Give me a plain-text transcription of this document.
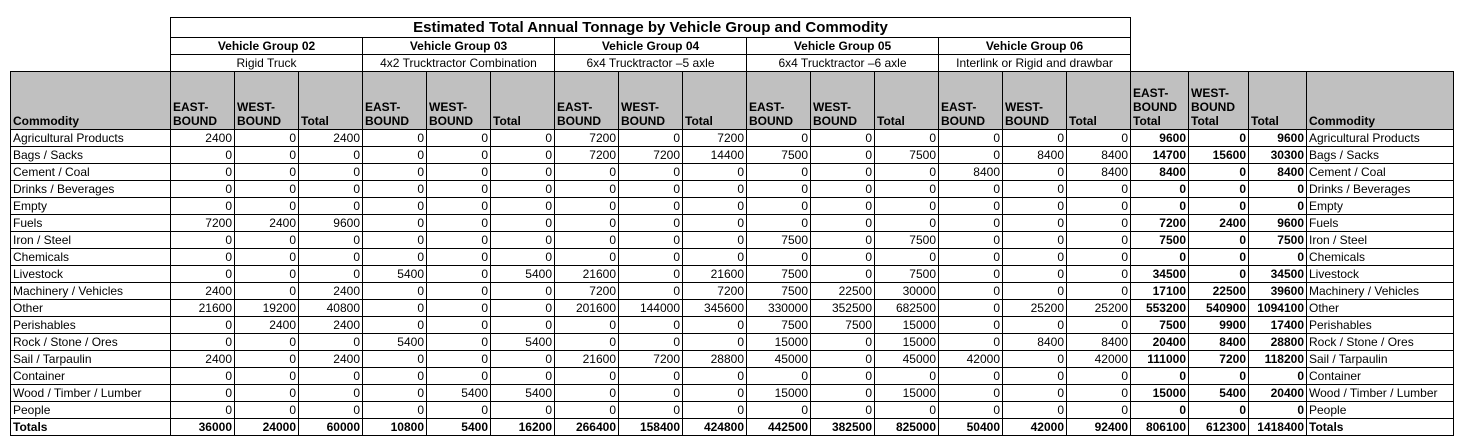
	Estimated Total Annual Tonnage by Vehicle Group and Commodity																		
	Vehicle Group 02			Vehicle Group 03			Vehicle Group 04			Vehicle Group 05			Vehicle Group 06						
	Rigid Truck			4x2 Trucktractor Combination			6x4 Trucktractor –5 axle			6x4 Trucktractor –6 axle			Interlink or Rigid and drawbar						
Commodity	EAST-BOUND	WEST-BOUND	Total	EAST-BOUND	WEST-BOUND	Total	EAST-BOUND	WEST-BOUND	Total	EAST-BOUND	WEST-BOUND	Total	EAST-BOUND	WEST-BOUND	Total	EAST-BOUND Total	WEST-BOUND Total	Total	Commodity
Agricultural Products	2400	0	2400	0	0	0	7200	0	7200	0	0	0	0	0	0	9600	0	9600	Agricultural Products
Bags / Sacks	0	0	0	0	0	0	7200	7200	14400	7500	0	7500	0	8400	8400	14700	15600	30300	Bags / Sacks
Cement / Coal	0	0	0	0	0	0	0	0	0	0	0	0	8400	0	8400	8400	0	8400	Cement / Coal
Drinks / Beverages	0	0	0	0	0	0	0	0	0	0	0	0	0	0	0	0	0	0	Drinks / Beverages
Empty	0	0	0	0	0	0	0	0	0	0	0	0	0	0	0	0	0	0	Empty
Fuels	7200	2400	9600	0	0	0	0	0	0	0	0	0	0	0	0	7200	2400	9600	Fuels
Iron / Steel	0	0	0	0	0	0	0	0	0	7500	0	7500	0	0	0	7500	0	7500	Iron / Steel
Chemicals	0	0	0	0	0	0	0	0	0	0	0	0	0	0	0	0	0	0	Chemicals
Livestock	0	0	0	5400	0	5400	21600	0	21600	7500	0	7500	0	0	0	34500	0	34500	Livestock
Machinery / Vehicles	2400	0	2400	0	0	0	7200	0	7200	7500	22500	30000	0	0	0	17100	22500	39600	Machinery / Vehicles
Other	21600	19200	40800	0	0	0	201600	144000	345600	330000	352500	682500	0	25200	25200	553200	540900	1094100	Other
Perishables	0	2400	2400	0	0	0	0	0	0	7500	7500	15000	0	0	0	7500	9900	17400	Perishables
Rock / Stone / Ores	0	0	0	5400	0	5400	0	0	0	15000	0	15000	0	8400	8400	20400	8400	28800	Rock / Stone / Ores
Sail / Tarpaulin	2400	0	2400	0	0	0	21600	7200	28800	45000	0	45000	42000	0	42000	111000	7200	118200	Sail / Tarpaulin
Container	0	0	0	0	0	0	0	0	0	0	0	0	0	0	0	0	0	0	Container
Wood / Timber / Lumber	0	0	0	0	5400	5400	0	0	0	15000	0	15000	0	0	0	15000	5400	20400	Wood / Timber / Lumber
People	0	0	0	0	0	0	0	0	0	0	0	0	0	0	0	0	0	0	People
Totals	36000	24000	60000	10800	5400	16200	266400	158400	424800	442500	382500	825000	50400	42000	92400	806100	612300	1418400	Totals
